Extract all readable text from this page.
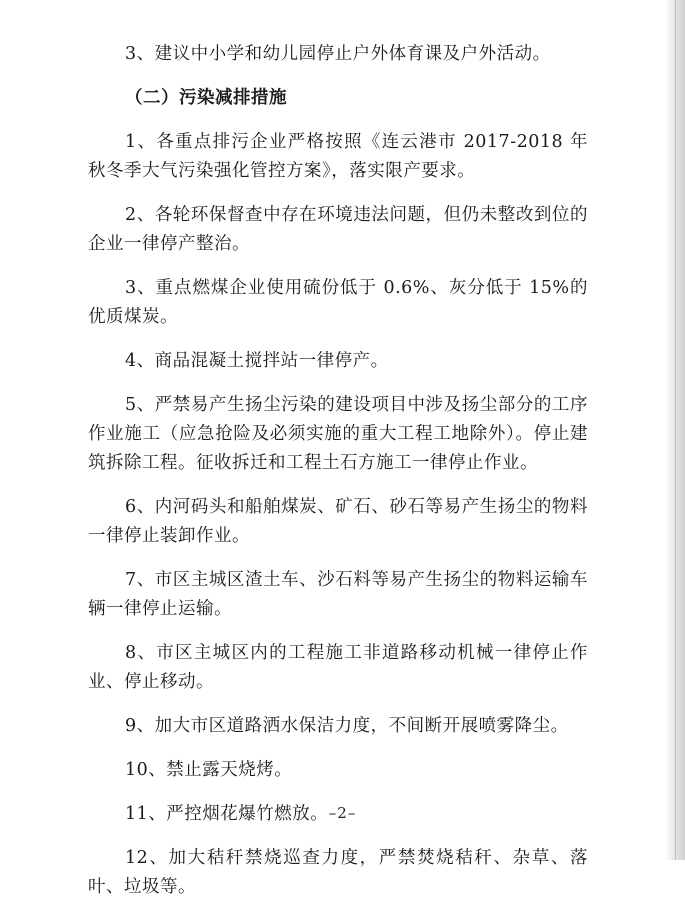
3、建议中小学和幼儿园停止户外体育课及户外活动。

（二）污染减排措施

1、各重点排污企业严格按照《连云港市 2017-2018 年秋冬季大气污染强化管控方案》，落实限产要求。

2、各轮环保督查中存在环境违法问题，但仍未整改到位的企业一律停产整治。

3、重点燃煤企业使用硫份低于 0.6%、灰分低于 15%的优质煤炭。

4、商品混凝土搅拌站一律停产。

5、严禁易产生扬尘污染的建设项目中涉及扬尘部分的工序作业施工（应急抢险及必须实施的重大工程工地除外）。停止建筑拆除工程。征收拆迁和工程土石方施工一律停止作业。

6、内河码头和船舶煤炭、矿石、砂石等易产生扬尘的物料一律停止装卸作业。

7、市区主城区渣土车、沙石料等易产生扬尘的物料运输车辆一律停止运输。

8、市区主城区内的工程施工非道路移动机械一律停止作业、停止移动。

9、加大市区道路洒水保洁力度，不间断开展喷雾降尘。

10、禁止露天烧烤。

11、严控烟花爆竹燃放。

12、加大秸秆禁烧巡查力度，严禁焚烧秸秆、杂草、落叶、垃圾等。

–2–
